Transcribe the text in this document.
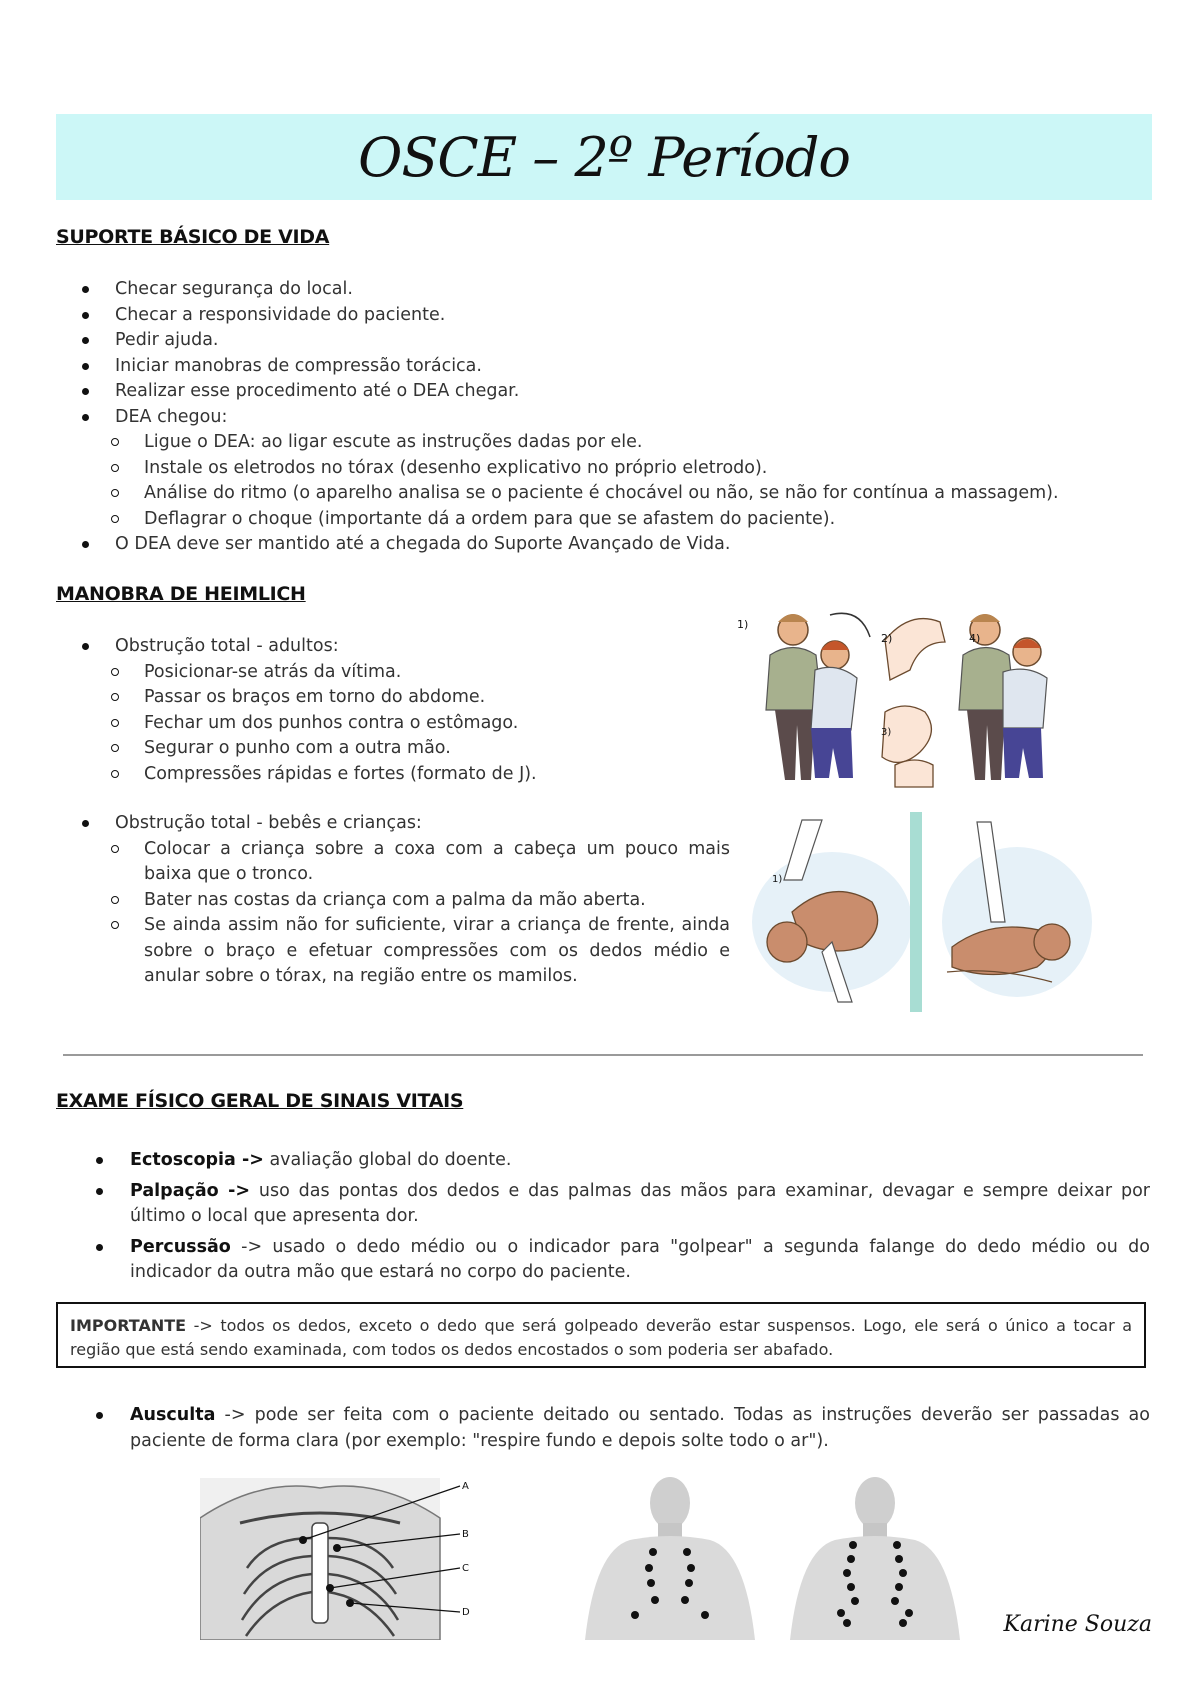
OSCE – 2º Período
SUPORTE BÁSICO DE VIDA
Checar segurança do local.
Checar a responsividade do paciente.
Pedir ajuda.
Iniciar manobras de compressão torácica.
Realizar esse procedimento até o DEA chegar.
DEA chegou:
Ligue o DEA: ao ligar escute as instruções dadas por ele.
Instale os eletrodos no tórax (desenho explicativo no próprio eletrodo).
Análise do ritmo (o aparelho analisa se o paciente é chocável ou não, se não for contínua a massagem).
Deflagrar o choque (importante dá a ordem para que se afastem do paciente).
O DEA deve ser mantido até a chegada do Suporte Avançado de Vida.
MANOBRA DE HEIMLICH
Obstrução total - adultos:
Posicionar-se atrás da vítima.
Passar os braços em torno do abdome.
Fechar um dos punhos contra o estômago.
Segurar o punho com a outra mão.
Compressões rápidas e fortes (formato de J).
Obstrução total - bebês e crianças:
Colocar a criança sobre a coxa com a cabeça um pouco mais baixa que o tronco.
Bater nas costas da criança com a palma da mão aberta.
Se ainda assim não for suficiente, virar a criança de frente, ainda sobre o braço e efetuar compressões com os dedos médio e anular sobre o tórax, na região entre os mamilos.
1)
2)
3)
4)
1)
EXAME FÍSICO GERAL DE SINAIS VITAIS
Ectoscopia -> avaliação global do doente.
Palpação -> uso das pontas dos dedos e das palmas das mãos para examinar, devagar e sempre deixar por último o local que apresenta dor.
Percussão -> usado o dedo médio ou o indicador para "golpear" a segunda falange do dedo médio ou do indicador da outra mão que estará no corpo do paciente.
IMPORTANTE -> todos os dedos, exceto o dedo que será golpeado deverão estar suspensos. Logo, ele será o único a tocar a região que está sendo examinada, com todos os dedos encostados o som poderia ser abafado.
Ausculta -> pode ser feita com o paciente deitado ou sentado. Todas as instruções deverão ser passadas ao paciente de forma clara (por exemplo: "respire fundo e depois solte todo o ar").
A
B
C
D	Karine Souza
